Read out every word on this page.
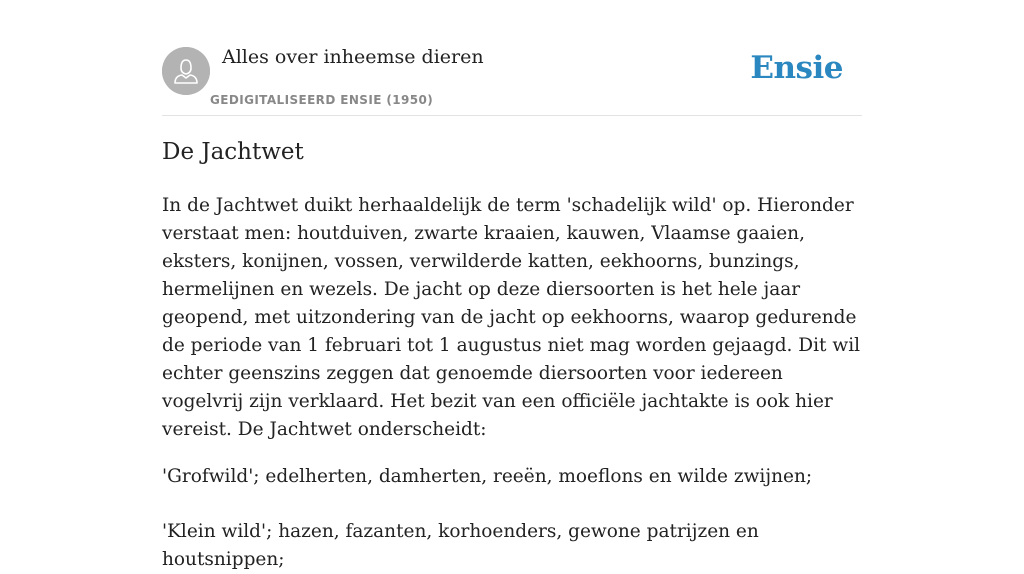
Alles over inheemse dieren
GEDIGITALISEERD ENSIE (1950)
Ensie
De Jachtwet

In de Jachtwet duikt herhaaldelijk de term 'schadelijk wild' op. Hieronder verstaat men: houtduiven, zwarte kraaien, kauwen, Vlaamse gaaien, eksters, konijnen, vossen, verwilderde katten, eekhoorns, bunzings, hermelijnen en wezels. De jacht op deze diersoorten is het hele jaar geopend, met uitzondering van de jacht op eekhoorns, waarop gedurende de periode van 1 februari tot 1 augustus niet mag worden gejaagd. Dit wil echter geenszins zeggen dat genoemde diersoorten voor iedereen vogelvrij zijn verklaard. Het bezit van een officiële jachtakte is ook hier vereist. De Jachtwet onderscheidt:

'Grofwild'; edelherten, damherten, reeën, moeflons en wilde zwijnen;

'Klein wild'; hazen, fazanten, korhoenders, gewone patrijzen en houtsnippen;
